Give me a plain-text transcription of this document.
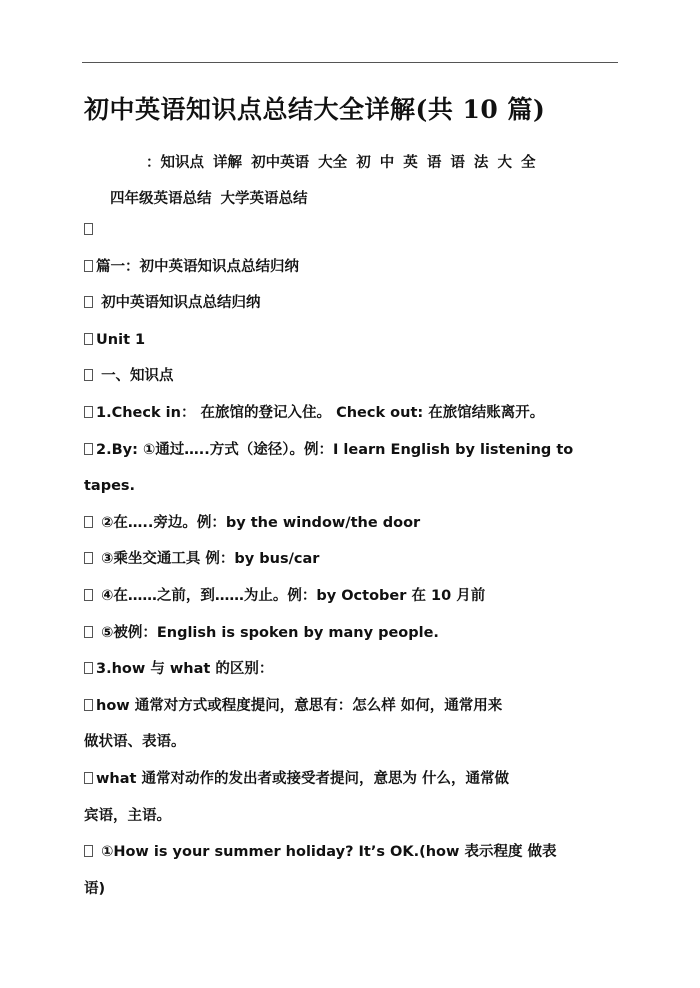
初中英语知识点总结大全详解(共 10 篇)
：知识点 详解 初中英语 大全 初 中 英 语 语 法 大 全
四年级英语总结 大学英语总结
篇一：初中英语知识点总结归纳
初中英语知识点总结归纳
Unit 1
一、知识点
1.Check in： 在旅馆的登记入住。 Check out: 在旅馆结账离开。
2.By: ①通过…..方式（途径）。例：I learn English by listening to
tapes.
②在…..旁边。例：by the window/the door
③乘坐交通工具 例：by bus/car
④在……之前，到……为止。例：by October 在 10 月前
⑤被例：English is spoken by many people.
3.how 与 what 的区别：
how 通常对方式或程度提问，意思有：怎么样 如何，通常用来
做状语、表语。
what 通常对动作的发出者或接受者提问，意思为 什么，通常做
宾语，主语。
①How is your summer holiday? It’s OK.(how 表示程度 做表
语)
